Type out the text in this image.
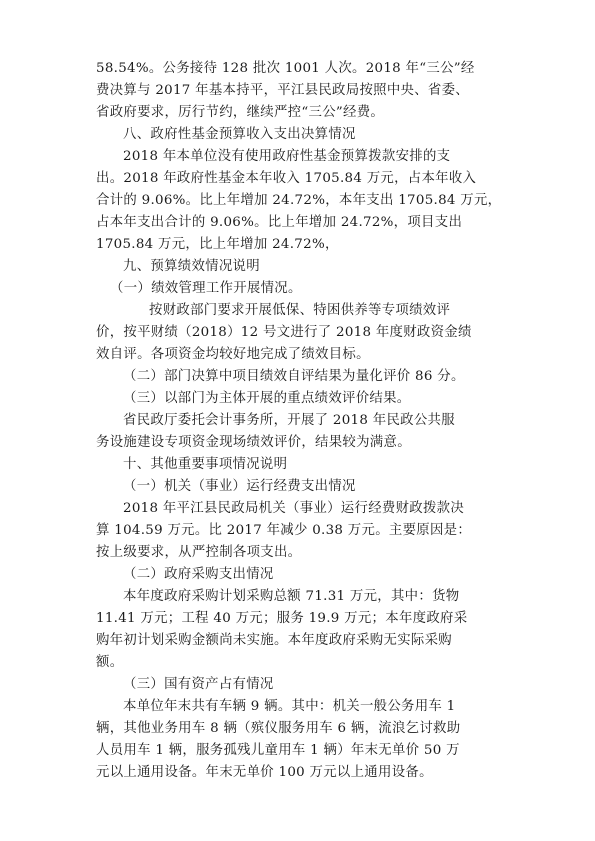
58.54%。公务接待 128 批次 1001 人次。2018 年“三公”经
费决算与 2017 年基本持平，平江县民政局按照中央、省委、
省政府要求，厉行节约，继续严控“三公”经费。
八、政府性基金预算收入支出决算情况
2018 年本单位没有使用政府性基金预算拨款安排的支
出。2018 年政府性基金本年收入 1705.84 万元，占本年收入
合计的 9.06%。比上年增加 24.72%，本年支出 1705.84 万元，
占本年支出合计的 9.06%。比上年增加 24.72%，项目支出
1705.84 万元，比上年增加 24.72%，
九、预算绩效情况说明
（一）绩效管理工作开展情况。
按财政部门要求开展低保、特困供养等专项绩效评
价，按平财绩（2018）12 号文进行了 2018 年度财政资金绩
效自评。各项资金均较好地完成了绩效目标。
（二）部门决算中项目绩效自评结果为量化评价 86 分。
（三）以部门为主体开展的重点绩效评价结果。
省民政厅委托会计事务所，开展了 2018 年民政公共服
务设施建设专项资金现场绩效评价，结果较为满意。
十、其他重要事项情况说明
（一）机关（事业）运行经费支出情况
2018 年平江县民政局机关（事业）运行经费财政拨款决
算 104.59 万元。比 2017 年减少 0.38 万元。主要原因是：
按上级要求，从严控制各项支出。
（二）政府采购支出情况
本年度政府采购计划采购总额 71.31 万元，其中：货物
11.41 万元；工程 40 万元；服务 19.9 万元；本年度政府采
购年初计划采购金额尚未实施。本年度政府采购无实际采购
额。
（三）国有资产占有情况
本单位年末共有车辆 9 辆。其中：机关一般公务用车 1
辆，其他业务用车 8 辆（殡仪服务用车 6 辆，流浪乞讨救助
人员用车 1 辆，服务孤残儿童用车 1 辆）年末无单价 50 万
元以上通用设备。年末无单价 100 万元以上通用设备。
